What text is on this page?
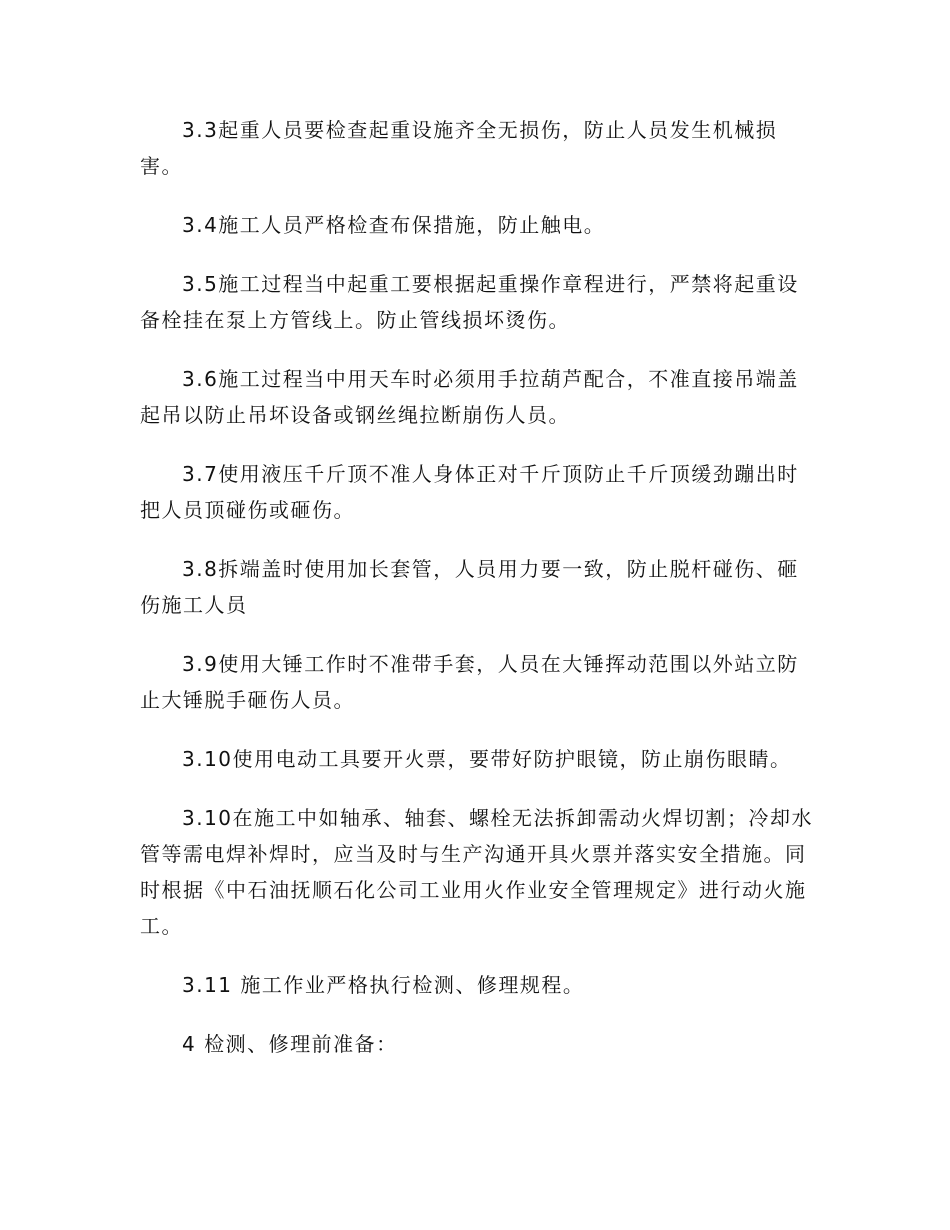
3.3起重人员要检查起重设施齐全无损伤，防止人员发生机械损害。

3.4施工人员严格检查布保措施，防止触电。

3.5施工过程当中起重工要根据起重操作章程进行，严禁将起重设备栓挂在泵上方管线上。防止管线损坏烫伤。

3.6施工过程当中用天车时必须用手拉葫芦配合，不准直接吊端盖起吊以防止吊坏设备或钢丝绳拉断崩伤人员。

3.7使用液压千斤顶不准人身体正对千斤顶防止千斤顶缓劲蹦出时把人员顶碰伤或砸伤。

3.8拆端盖时使用加长套管，人员用力要一致，防止脱杆碰伤、砸伤施工人员

3.9使用大锤工作时不准带手套，人员在大锤挥动范围以外站立防止大锤脱手砸伤人员。

3.10使用电动工具要开火票，要带好防护眼镜，防止崩伤眼睛。

3.10在施工中如轴承、轴套、螺栓无法拆卸需动火焊切割；冷却水管等需电焊补焊时，应当及时与生产沟通开具火票并落实安全措施。同时根据《中石油抚顺石化公司工业用火作业安全管理规定》进行动火施工。

3.11 施工作业严格执行检测、修理规程。

4 检测、修理前准备：
